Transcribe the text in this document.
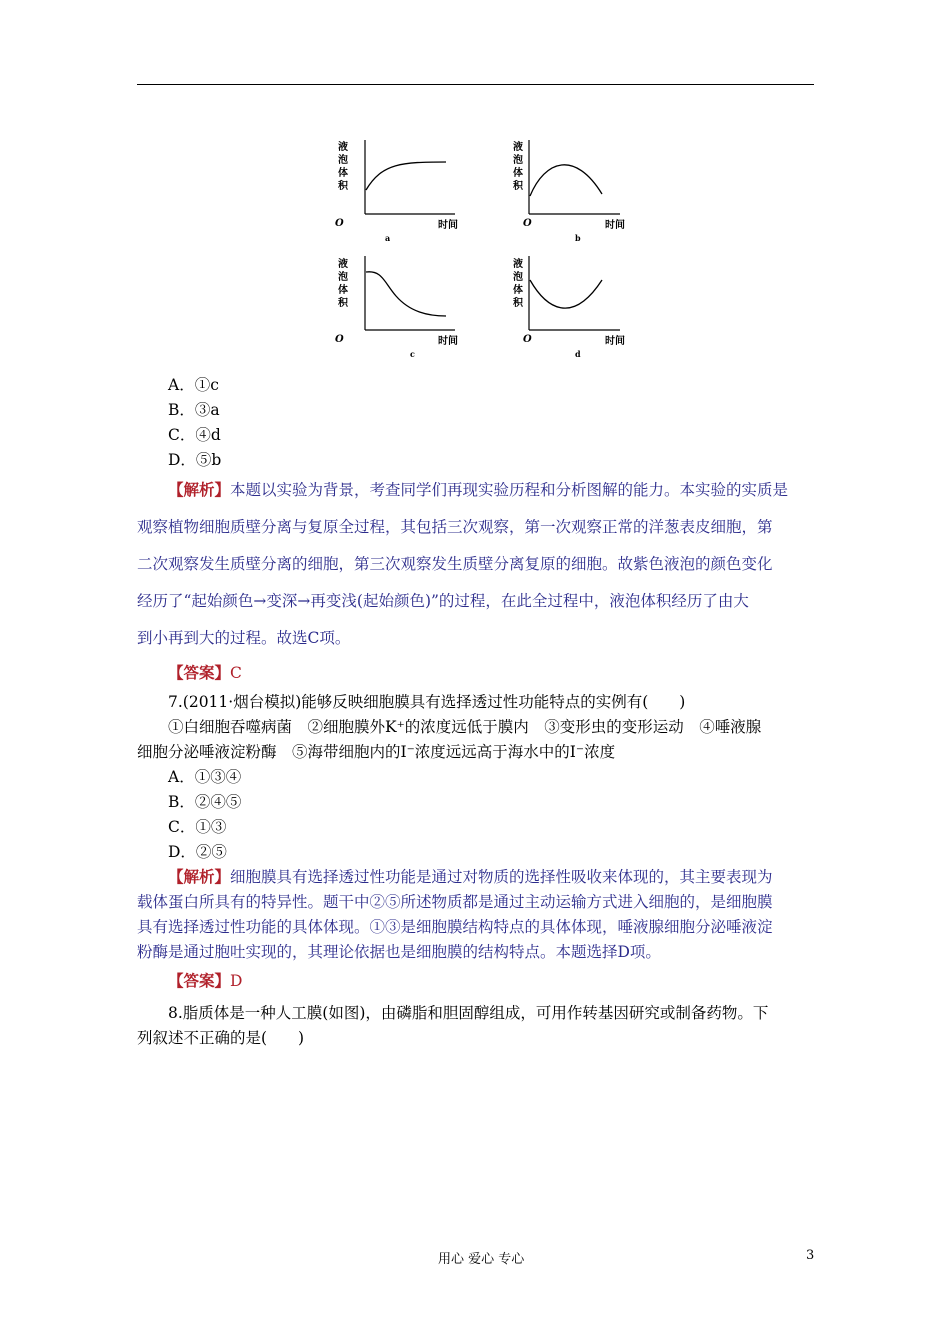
液
泡
体
积
O	时间
a
液
泡
体
积
O	时间
b
液
泡
体
积
O	时间
c
液
泡
体
积
O	时间
d
A．①c
B．③a
C．④d
D．⑤b
【解析】本题以实验为背景，考查同学们再现实验历程和分析图解的能力。本实验的实质是
观察植物细胞质壁分离与复原全过程，其包括三次观察，第一次观察正常的洋葱表皮细胞，第
二次观察发生质壁分离的细胞，第三次观察发生质壁分离复原的细胞。故紫色液泡的颜色变化
经历了“起始颜色→变深→再变浅(起始颜色)”的过程，在此全过程中，液泡体积经历了由大
到小再到大的过程。故选C项。
【答案】C
7.(2011·烟台模拟)能够反映细胞膜具有选择透过性功能特点的实例有(　　)
①白细胞吞噬病菌　②细胞膜外K⁺的浓度远低于膜内　③变形虫的变形运动　④唾液腺
细胞分泌唾液淀粉酶　⑤海带细胞内的I⁻浓度远远高于海水中的I⁻浓度
A．①③④
B．②④⑤
C．①③
D．②⑤
【解析】细胞膜具有选择透过性功能是通过对物质的选择性吸收来体现的，其主要表现为
载体蛋白所具有的特异性。题干中②⑤所述物质都是通过主动运输方式进入细胞的，是细胞膜
具有选择透过性功能的具体体现。①③是细胞膜结构特点的具体体现，唾液腺细胞分泌唾液淀
粉酶是通过胞吐实现的，其理论依据也是细胞膜的结构特点。本题选择D项。
【答案】D
8.脂质体是一种人工膜(如图)，由磷脂和胆固醇组成，可用作转基因研究或制备药物。下
列叙述不正确的是(　　)
用心 爱心 专心	3
